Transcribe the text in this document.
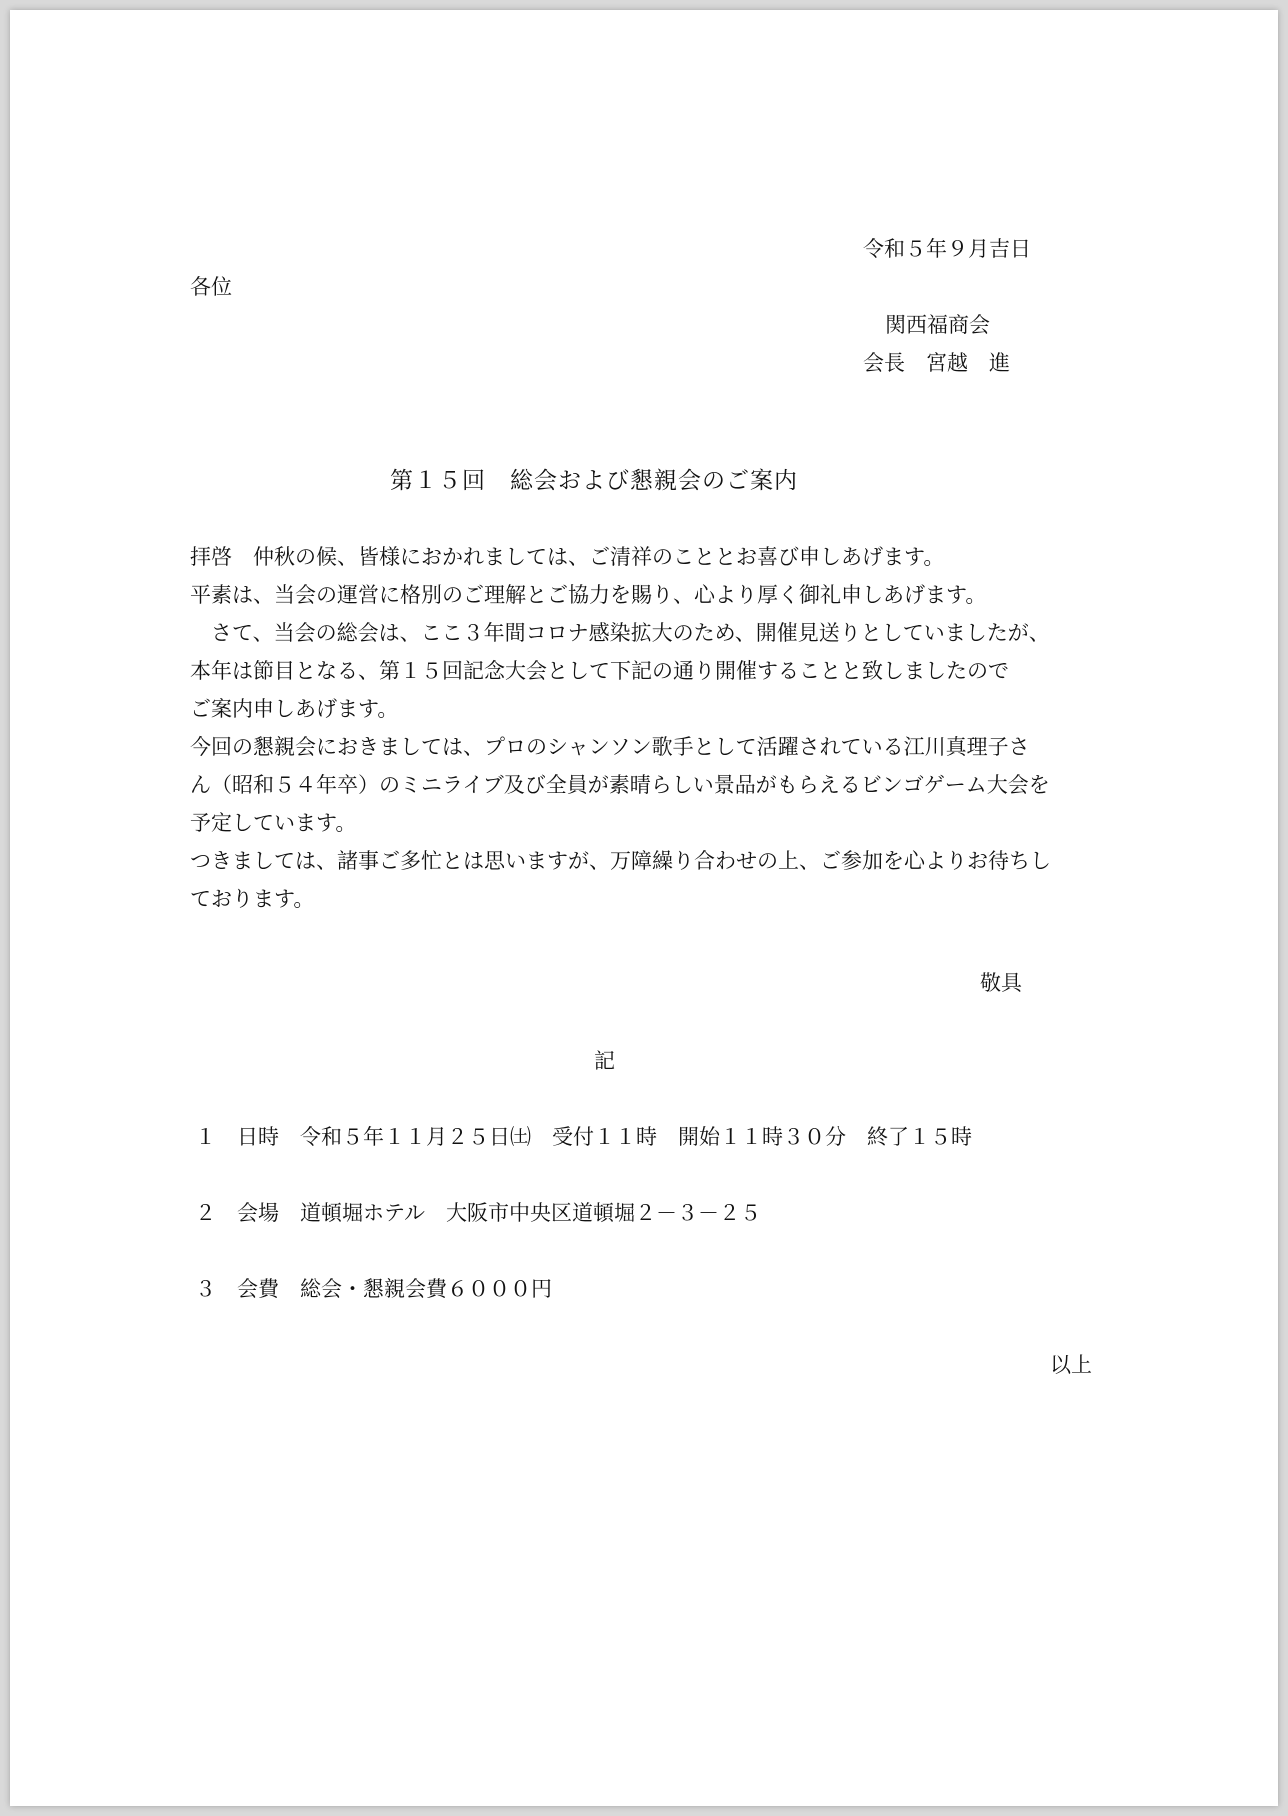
令和５年９月吉日
各位
関西福商会
会長　宮越　進
第１５回　総会および懇親会のご案内

拝啓　仲秋の候、皆様におかれましては、ご清祥のこととお喜び申しあげます。

平素は、当会の運営に格別のご理解とご協力を賜り、心より厚く御礼申しあげます。

　さて、当会の総会は、ここ３年間コロナ感染拡大のため、開催見送りとしていましたが、

本年は節目となる、第１５回記念大会として下記の通り開催することと致しましたので

ご案内申しあげます。

今回の懇親会におきましては、プロのシャンソン歌手として活躍されている江川真理子さ

ん（昭和５４年卒）のミニライブ及び全員が素晴らしい景品がもらえるビンゴゲーム大会を

予定しています。

つきましては、諸事ご多忙とは思いますが、万障繰り合わせの上、ご参加を心よりお待ちし

ております。

敬具
記
１　日時　令和５年１１月２５日㈯　受付１１時　開始１１時３０分　終了１５時
２　会場　道頓堀ホテル　大阪市中央区道頓堀２－３－２５
３　会費　総会・懇親会費６０００円
以上
